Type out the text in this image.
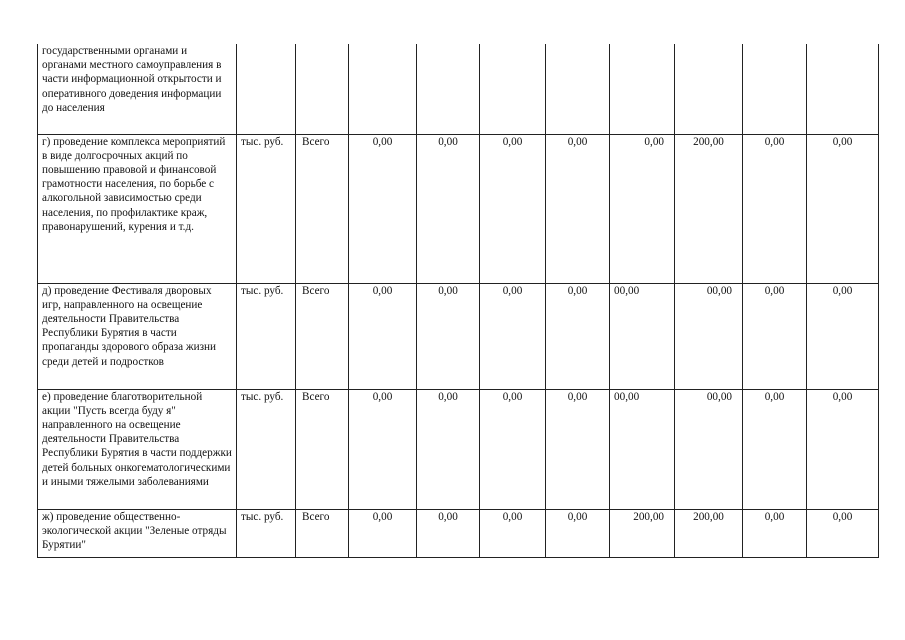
государственными органами и органами местного самоуправления в части информационной открытости и оперативного доведения информации до населения										
г) проведение комплекса мероприятий в виде долгосрочных акций по повышению правовой и финансовой грамотности населения, по борьбе с алкогольной зависимостью среди населения, по профилактике краж, правонарушений, курения и т.д.	тыс. руб.	Всего	0,00	0,00	0,00	0,00	0,00	200,00	0,00	0,00
д) проведение Фестиваля дворовых игр, направленного на освещение деятельности Правительства Республики Бурятия в части пропаганды здорового образа жизни среди детей и подростков	тыс. руб.	Всего	0,00	0,00	0,00	0,00	00,00	00,00	0,00	0,00
е) проведение благотворительной акции "Пусть всегда буду я" направленного на освещение деятельности Правительства Республики Бурятия в части поддержки детей больных онкогематологическими и иными тяжелыми заболеваниями	тыс. руб.	Всего	0,00	0,00	0,00	0,00	00,00	00,00	0,00	0,00
ж) проведение общественно-экологической акции "Зеленые отряды Бурятии"	тыс. руб.	Всего	0,00	0,00	0,00	0,00	200,00	200,00	0,00	0,00
